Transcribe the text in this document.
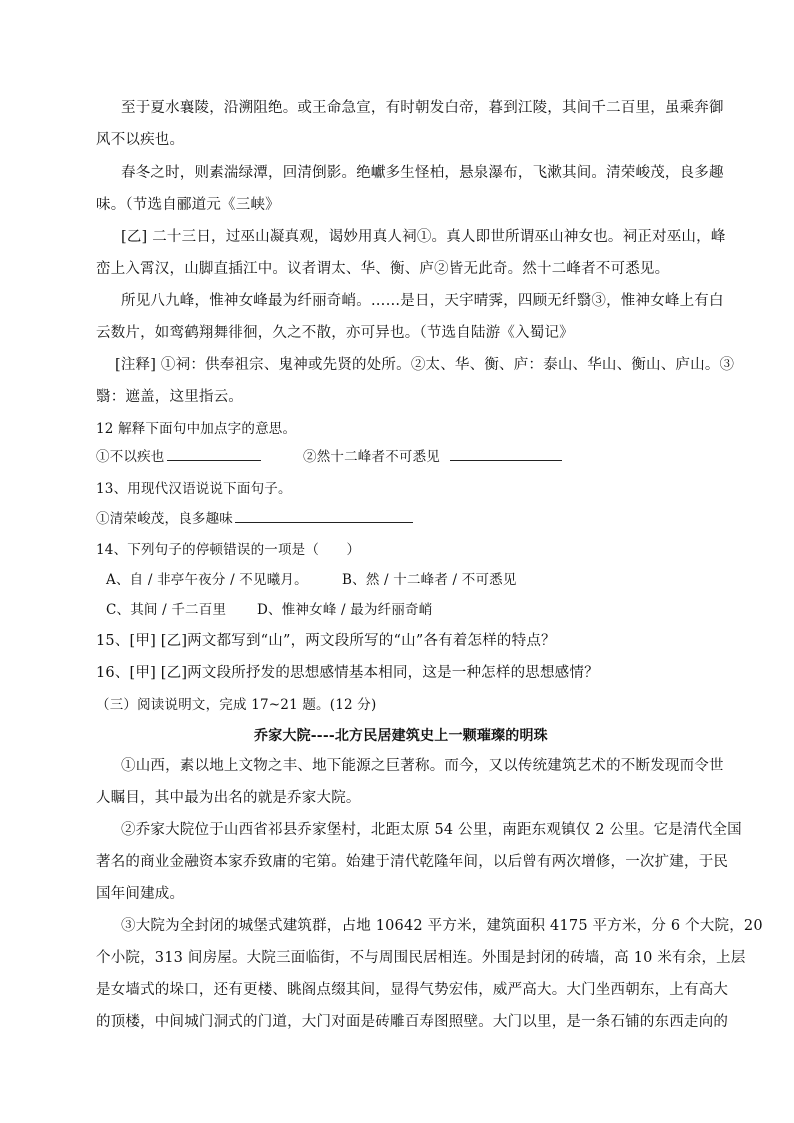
至于夏水襄陵，沿溯阻绝。或王命急宣，有时朝发白帝，暮到江陵，其间千二百里，虽乘奔御
风不以疾也。
春冬之时，则素湍绿潭，回清倒影。绝巘多生怪柏，悬泉瀑布，飞漱其间。清荣峻茂，良多趣
味。（节选自郦道元《三峡》
[乙] 二十三日，过巫山凝真观，谒妙用真人祠①。真人即世所谓巫山神女也。祠正对巫山，峰
峦上入霄汉，山脚直插江中。议者谓太、华、衡、庐②皆无此奇。然十二峰者不可悉见。
所见八九峰，惟神女峰最为纤丽奇峭。……是日，天宇晴霁，四顾无纤翳③，惟神女峰上有白
云数片，如鸾鹤翔舞徘徊，久之不散，亦可异也。（节选自陆游《入蜀记》
[注释] ①祠：供奉祖宗、鬼神或先贤的处所。②太、华、衡、庐：泰山、华山、衡山、庐山。③
翳：遮盖，这里指云。
12 解释下面句中加点字的意思。
①不以疾也	②然十二峰者不可悉见
13、用现代汉语说说下面句子。
①清荣峻茂，良多趣味
14、下列句子的停顿错误的一项是（　　）
A、自 / 非亭午夜分 / 不见曦月。	B、然 / 十二峰者 / 不可悉见
C、其间 / 千二百里 D、惟神女峰 / 最为纤丽奇峭
15、[甲] [乙]两文都写到“山”，两文段所写的“山”各有着怎样的特点？
16、[甲] [乙]两文段所抒发的思想感情基本相同，这是一种怎样的思想感情？
（三）阅读说明文，完成 17~21 题。(12 分)
乔家大院----北方民居建筑史上一颗璀璨的明珠
①山西，素以地上文物之丰、地下能源之巨著称。而今，又以传统建筑艺术的不断发现而令世
人瞩目，其中最为出名的就是乔家大院。
②乔家大院位于山西省祁县乔家堡村，北距太原 54 公里，南距东观镇仅 2 公里。它是清代全国
著名的商业金融资本家乔致庸的宅第。始建于清代乾隆年间，以后曾有两次增修，一次扩建，于民
国年间建成。
③大院为全封闭的城堡式建筑群，占地 10642 平方米，建筑面积 4175 平方米，分 6 个大院，20
个小院，313 间房屋。大院三面临街，不与周围民居相连。外围是封闭的砖墙，高 10 米有余，上层
是女墙式的垛口，还有更楼、眺阁点缀其间，显得气势宏伟，威严高大。大门坐西朝东，上有高大
的顶楼，中间城门洞式的门道，大门对面是砖雕百寿图照壁。大门以里，是一条石铺的东西走向的
